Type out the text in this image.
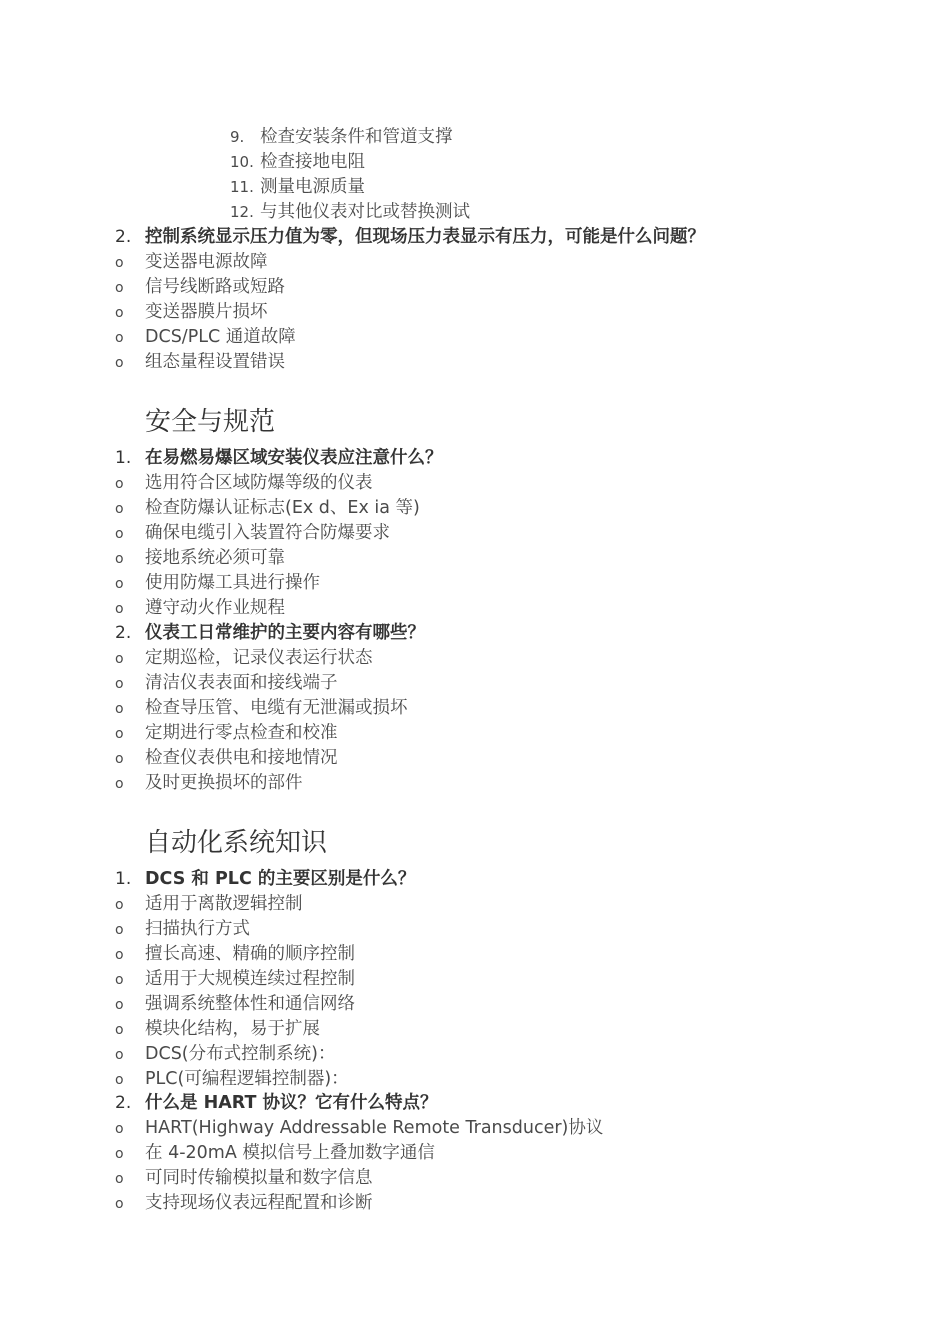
9. 检查安装条件和管道支撑
10. 检查接地电阻
11. 测量电源质量
12. 与其他仪表对比或替换测试
2. 控制系统显示压力值为零，但现场压力表显示有压力，可能是什么问题？
o 变送器电源故障
o 信号线断路或短路
o 变送器膜片损坏
o DCS/PLC 通道故障
o 组态量程设置错误
安全与规范
1. 在易燃易爆区域安装仪表应注意什么？
o 选用符合区域防爆等级的仪表
o 检查防爆认证标志(Ex d、Ex ia 等)
o 确保电缆引入装置符合防爆要求
o 接地系统必须可靠
o 使用防爆工具进行操作
o 遵守动火作业规程
2. 仪表工日常维护的主要内容有哪些？
o 定期巡检，记录仪表运行状态
o 清洁仪表表面和接线端子
o 检查导压管、电缆有无泄漏或损坏
o 定期进行零点检查和校准
o 检查仪表供电和接地情况
o 及时更换损坏的部件
自动化系统知识
1. DCS 和 PLC 的主要区别是什么？
o 适用于离散逻辑控制
o 扫描执行方式
o 擅长高速、精确的顺序控制
o 适用于大规模连续过程控制
o 强调系统整体性和通信网络
o 模块化结构，易于扩展
o DCS(分布式控制系统)：
o PLC(可编程逻辑控制器)：
2. 什么是 HART 协议？它有什么特点？
o HART(Highway Addressable Remote Transducer)协议
o 在 4-20mA 模拟信号上叠加数字通信
o 可同时传输模拟量和数字信息
o 支持现场仪表远程配置和诊断
